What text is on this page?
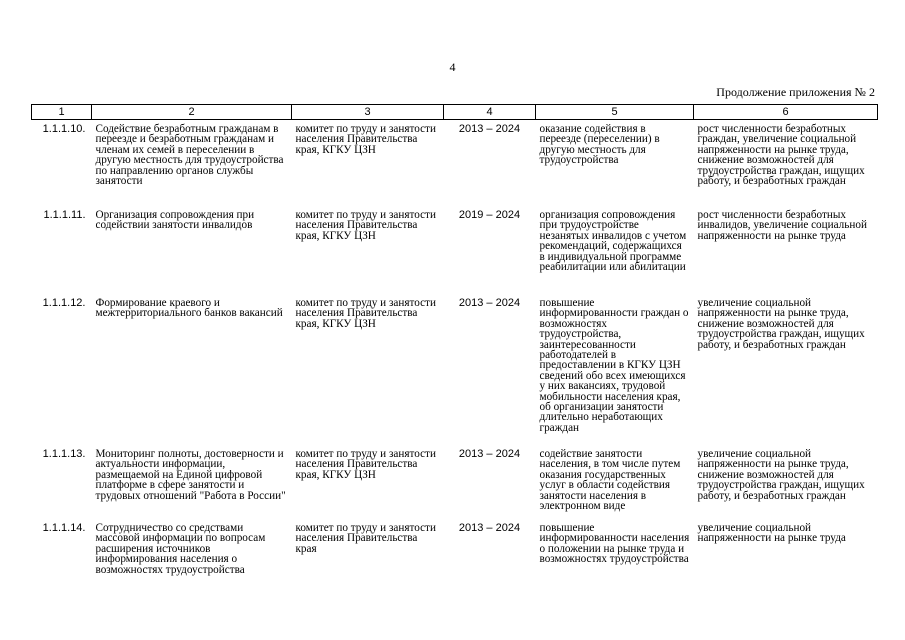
4
Продолжение приложения № 2
1	2	3	4	5	6
1.1.1.10.	Содействие безработным гражданам в переезде и безработным гражданам и членам их семей в переселении в другую местность для трудоустройства по направлению органов службы занятости	комитет по труду и занятости населения Правительства края, КГКУ ЦЗН	2013 – 2024	оказание содействия в переезде (переселении) в другую местность для трудоустройства	рост численности безработных граждан, увеличение социальной напряженности на рынке труда, снижение возможностей для трудоустройства граждан, ищущих работу, и безработных граждан
1.1.1.11.	Организация сопровождения при содействии занятости инвалидов	комитет по труду и занятости населения Правительства края, КГКУ ЦЗН	2019 – 2024	организация сопровождения при трудоустройстве незанятых инвалидов с учетом рекомендаций, содержащихся в индивидуальной программе реабилитации или абилитации	рост численности безработных инвалидов, увеличение социальной напряженности на рынке труда
1.1.1.12.	Формирование краевого и межтерриториального банков вакансий	комитет по труду и занятости населения Правительства края, КГКУ ЦЗН	2013 – 2024	повышение информированности граждан о возможностях трудоустройства, заинтересованности работодателей в предоставлении в КГКУ ЦЗН сведений обо всех имеющихся у них вакансиях, трудовой мобильности населения края, об организации занятости длительно неработающих граждан	увеличение социальной напряженности на рынке труда, снижение возможностей для трудоустройства граждан, ищущих работу, и безработных граждан
1.1.1.13.	Мониторинг полноты, достоверности и актуальности информации, размещаемой на Единой цифровой платформе в сфере занятости и трудовых отношений "Работа в России"	комитет по труду и занятости населения Правительства края, КГКУ ЦЗН	2013 – 2024	содействие занятости населения, в том числе путем оказания государственных услуг в области содействия занятости населения в электронном виде	увеличение социальной напряженности на рынке труда, снижение возможностей для трудоустройства граждан, ищущих работу, и безработных граждан
1.1.1.14.	Сотрудничество со средствами массовой информации по вопросам расширения источников информирования населения о возможностях трудоустройства	комитет по труду и занятости населения Правительства края	2013 – 2024	повышение информированности населения о положении на рынке труда и возможностях трудоустройства	увеличение социальной напряженности на рынке труда
